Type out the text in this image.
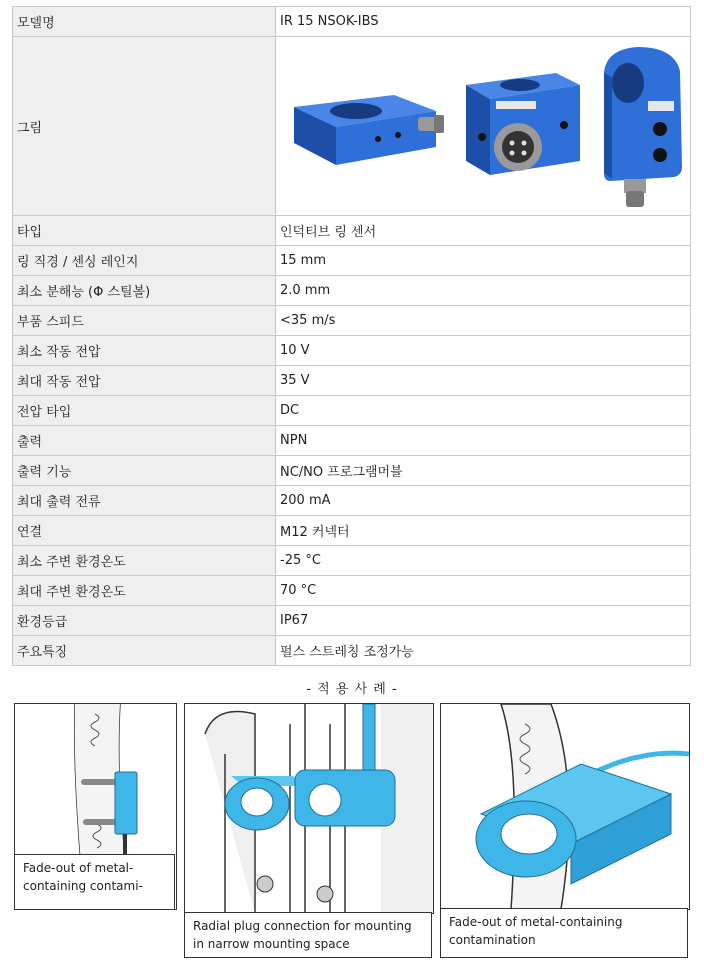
모델명	IR 15 NSOK-IBS
그림	

타입	인덕티브 링 센서
링 직경 / 센싱 레인지	15 mm
최소 분해능 (Φ 스틸볼)	2.0 mm
부품 스피드	<35 m/s
최소 작동 전압	10 V
최대 작동 전압	35 V
전압 타입	DC
출력	NPN
출력 기능	NC/NO 프로그램머블
최대 출력 전류	200 mA
연결	M12 커넥터
최소 주변 환경온도	-25 °C
최대 주변 환경온도	70 °C
환경등급	IP67
주요특징	펄스 스트레칭 조정가능
- 적 용 사 례 -
Fade-out of metal-containing contami-
Radial plug connection for mounting in narrow mounting space
Fade-out of metal-containing contamination
